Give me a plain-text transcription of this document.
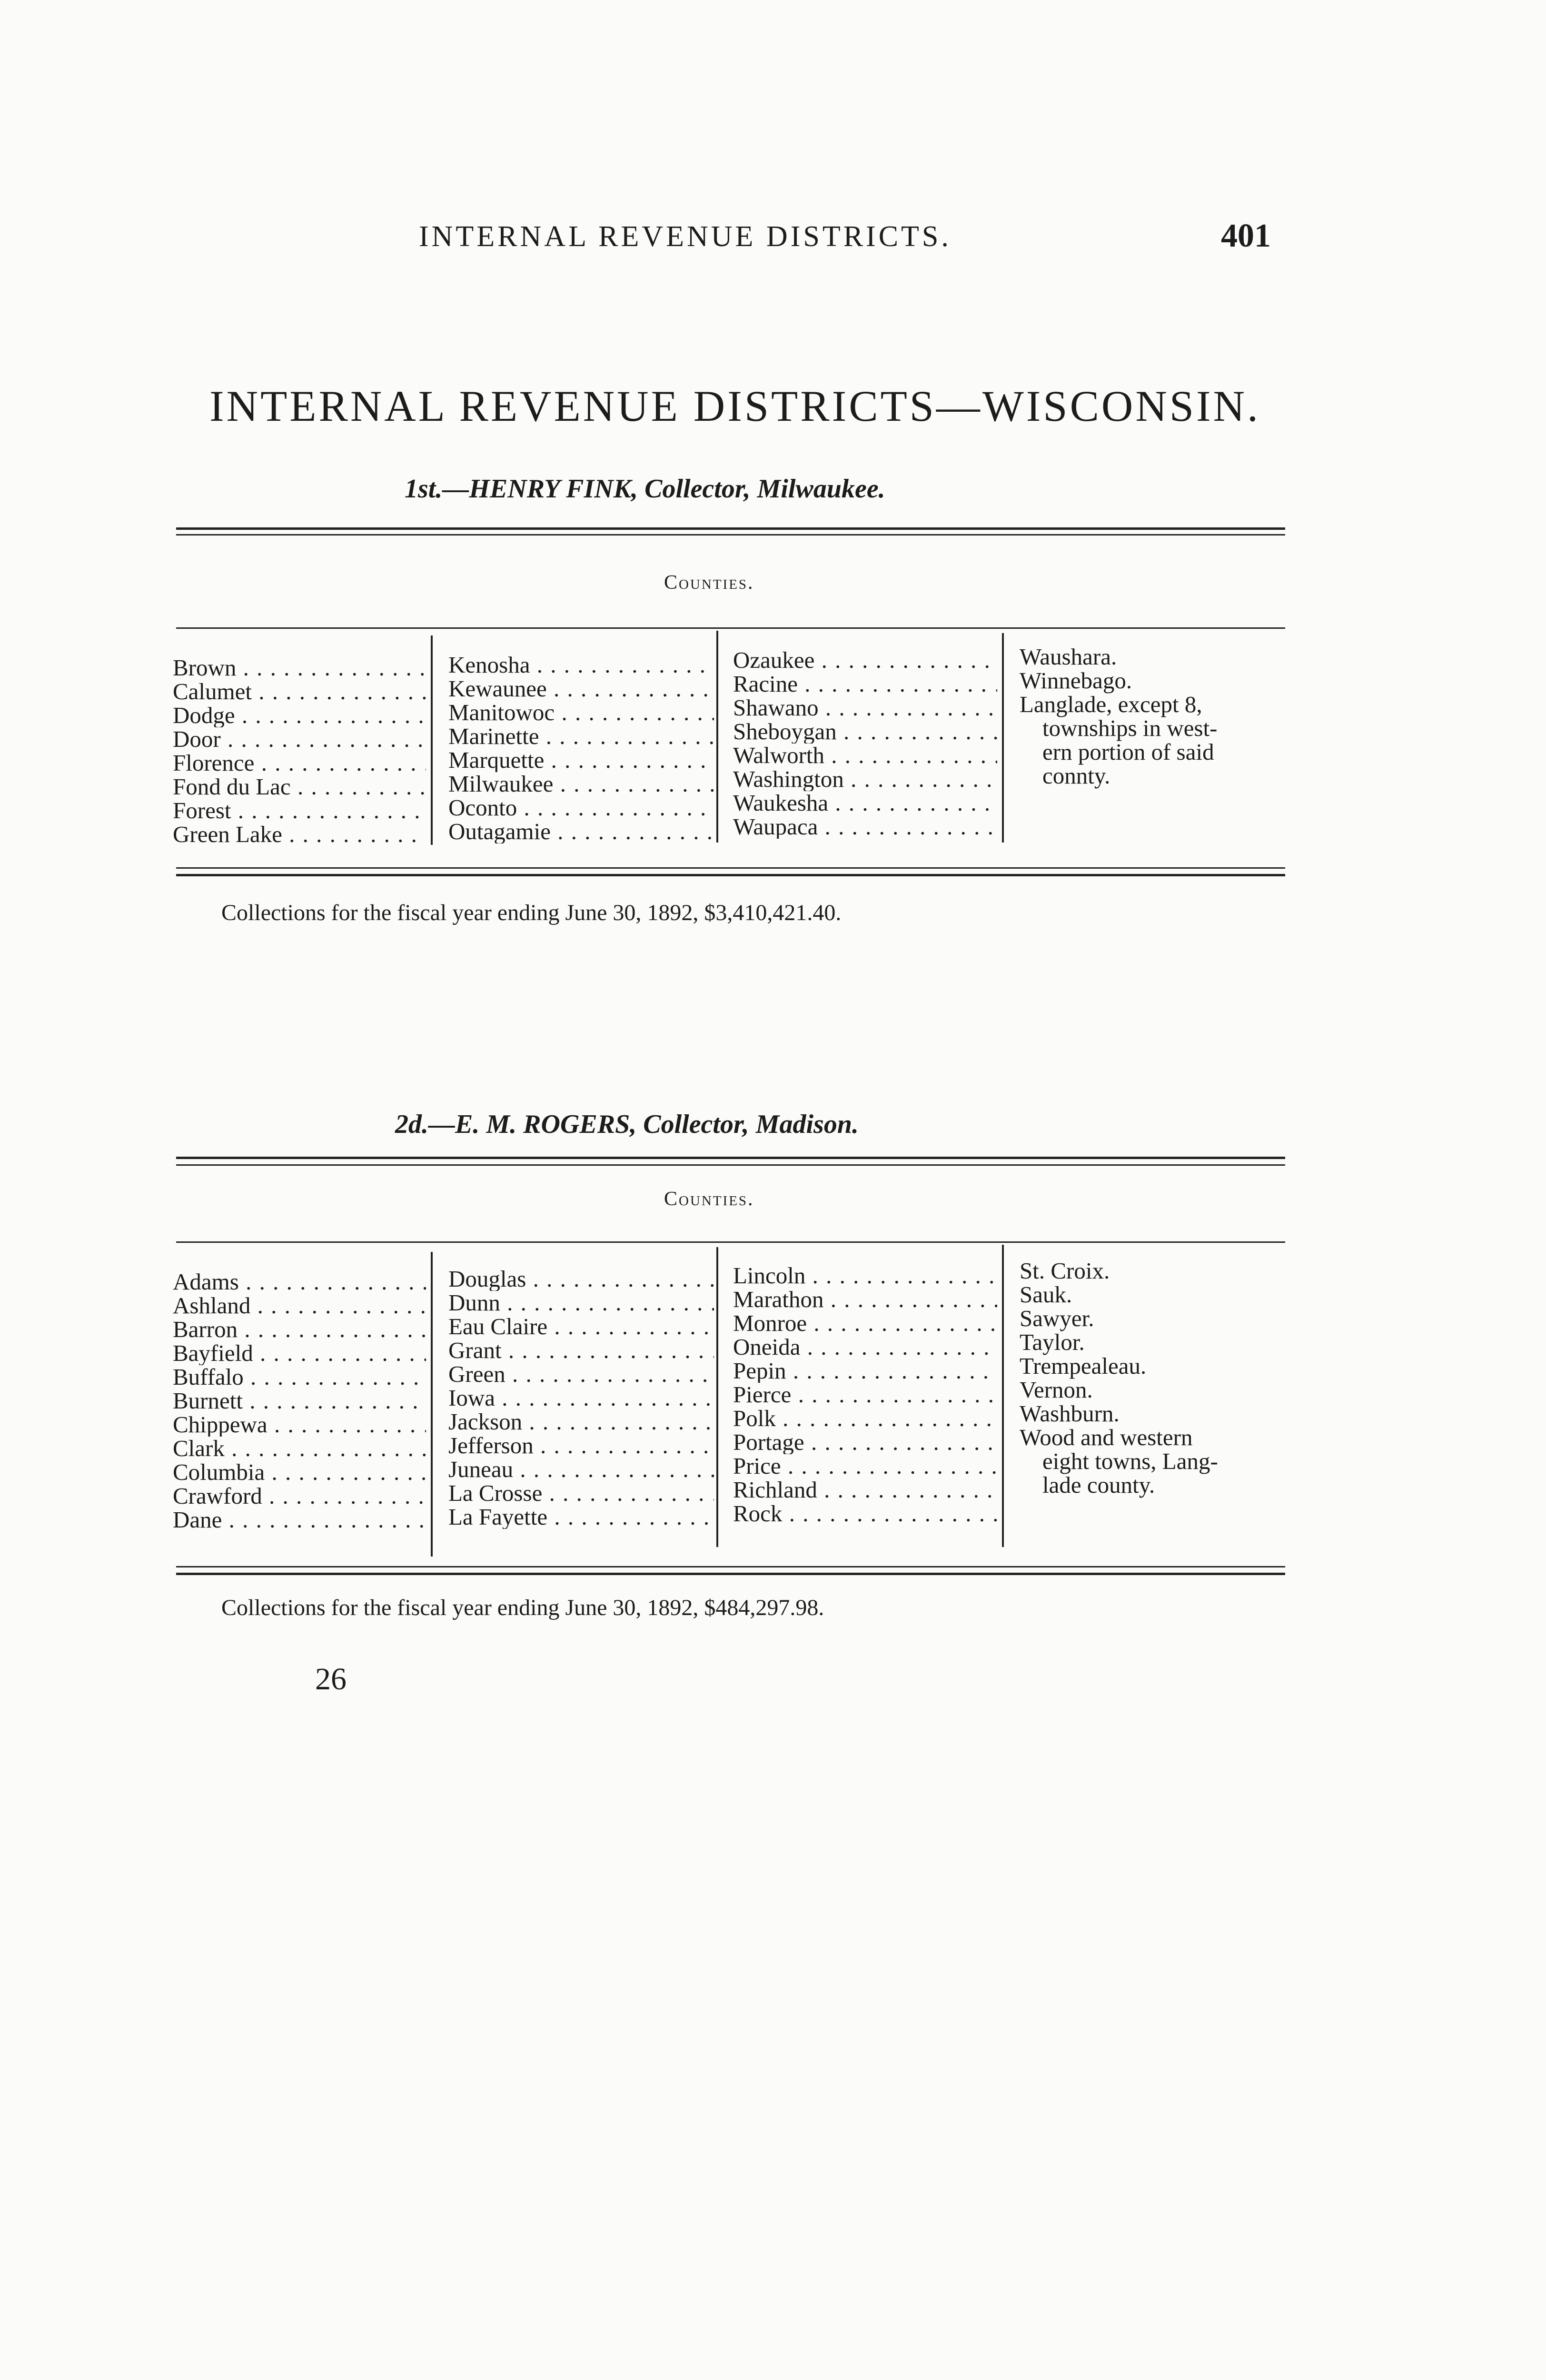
INTERNAL REVENUE DISTRICTS.	401
INTERNAL REVENUE DISTRICTS—WISCONSIN.
1st.—HENRY FINK, Collector, Milwaukee.
Counties.
Brown . . .
Calumet . . .
Dodge . . .
Door . . .
Florence . . .
Fond du Lac . . .
Forest . . .
Green Lake . . .
Kenosha . . .
Kewaunee . . .
Manitowoc . . .
Marinette . . .
Marquette . . .
Milwaukee . . .
Oconto . . .
Outagamie . . .
Ozaukee . . .
Racine . . .
Shawano . . .
Sheboygan . . .
Walworth . . .
Washington . . .
Waukesha . . .
Waupaca . . .
Waushara.
Winnebago.
Langlade, except 8,
townships in west-
ern portion of said
connty.
Collections for the fiscal year ending June 30, 1892, $3,410,421.40.
2d.—E. M. ROGERS, Collector, Madison.
Counties.
Adams . . .
Ashland . . .
Barron . . .
Bayfield . . .
Buffalo . . .
Burnett . . .
Chippewa . . .
Clark . . .
Columbia . . .
Crawford . . .
Dane . . .
Douglas . . .
Dunn . . .
Eau Claire . . .
Grant . . .
Green . . .
Iowa . . .
Jackson . . .
Jefferson . . .
Juneau . . .
La Crosse . . .
La Fayette . . .
Lincoln . . .
Marathon . . .
Monroe . . .
Oneida . . .
Pepin . . .
Pierce . . .
Polk . . .
Portage . . .
Price . . .
Richland . . .
Rock . . .
St. Croix.
Sauk.
Sawyer.
Taylor.
Trempealeau.
Vernon.
Washburn.
Wood and western
eight towns, Lang-
lade county.
Collections for the fiscal year ending June 30, 1892, $484,297.98.
26
